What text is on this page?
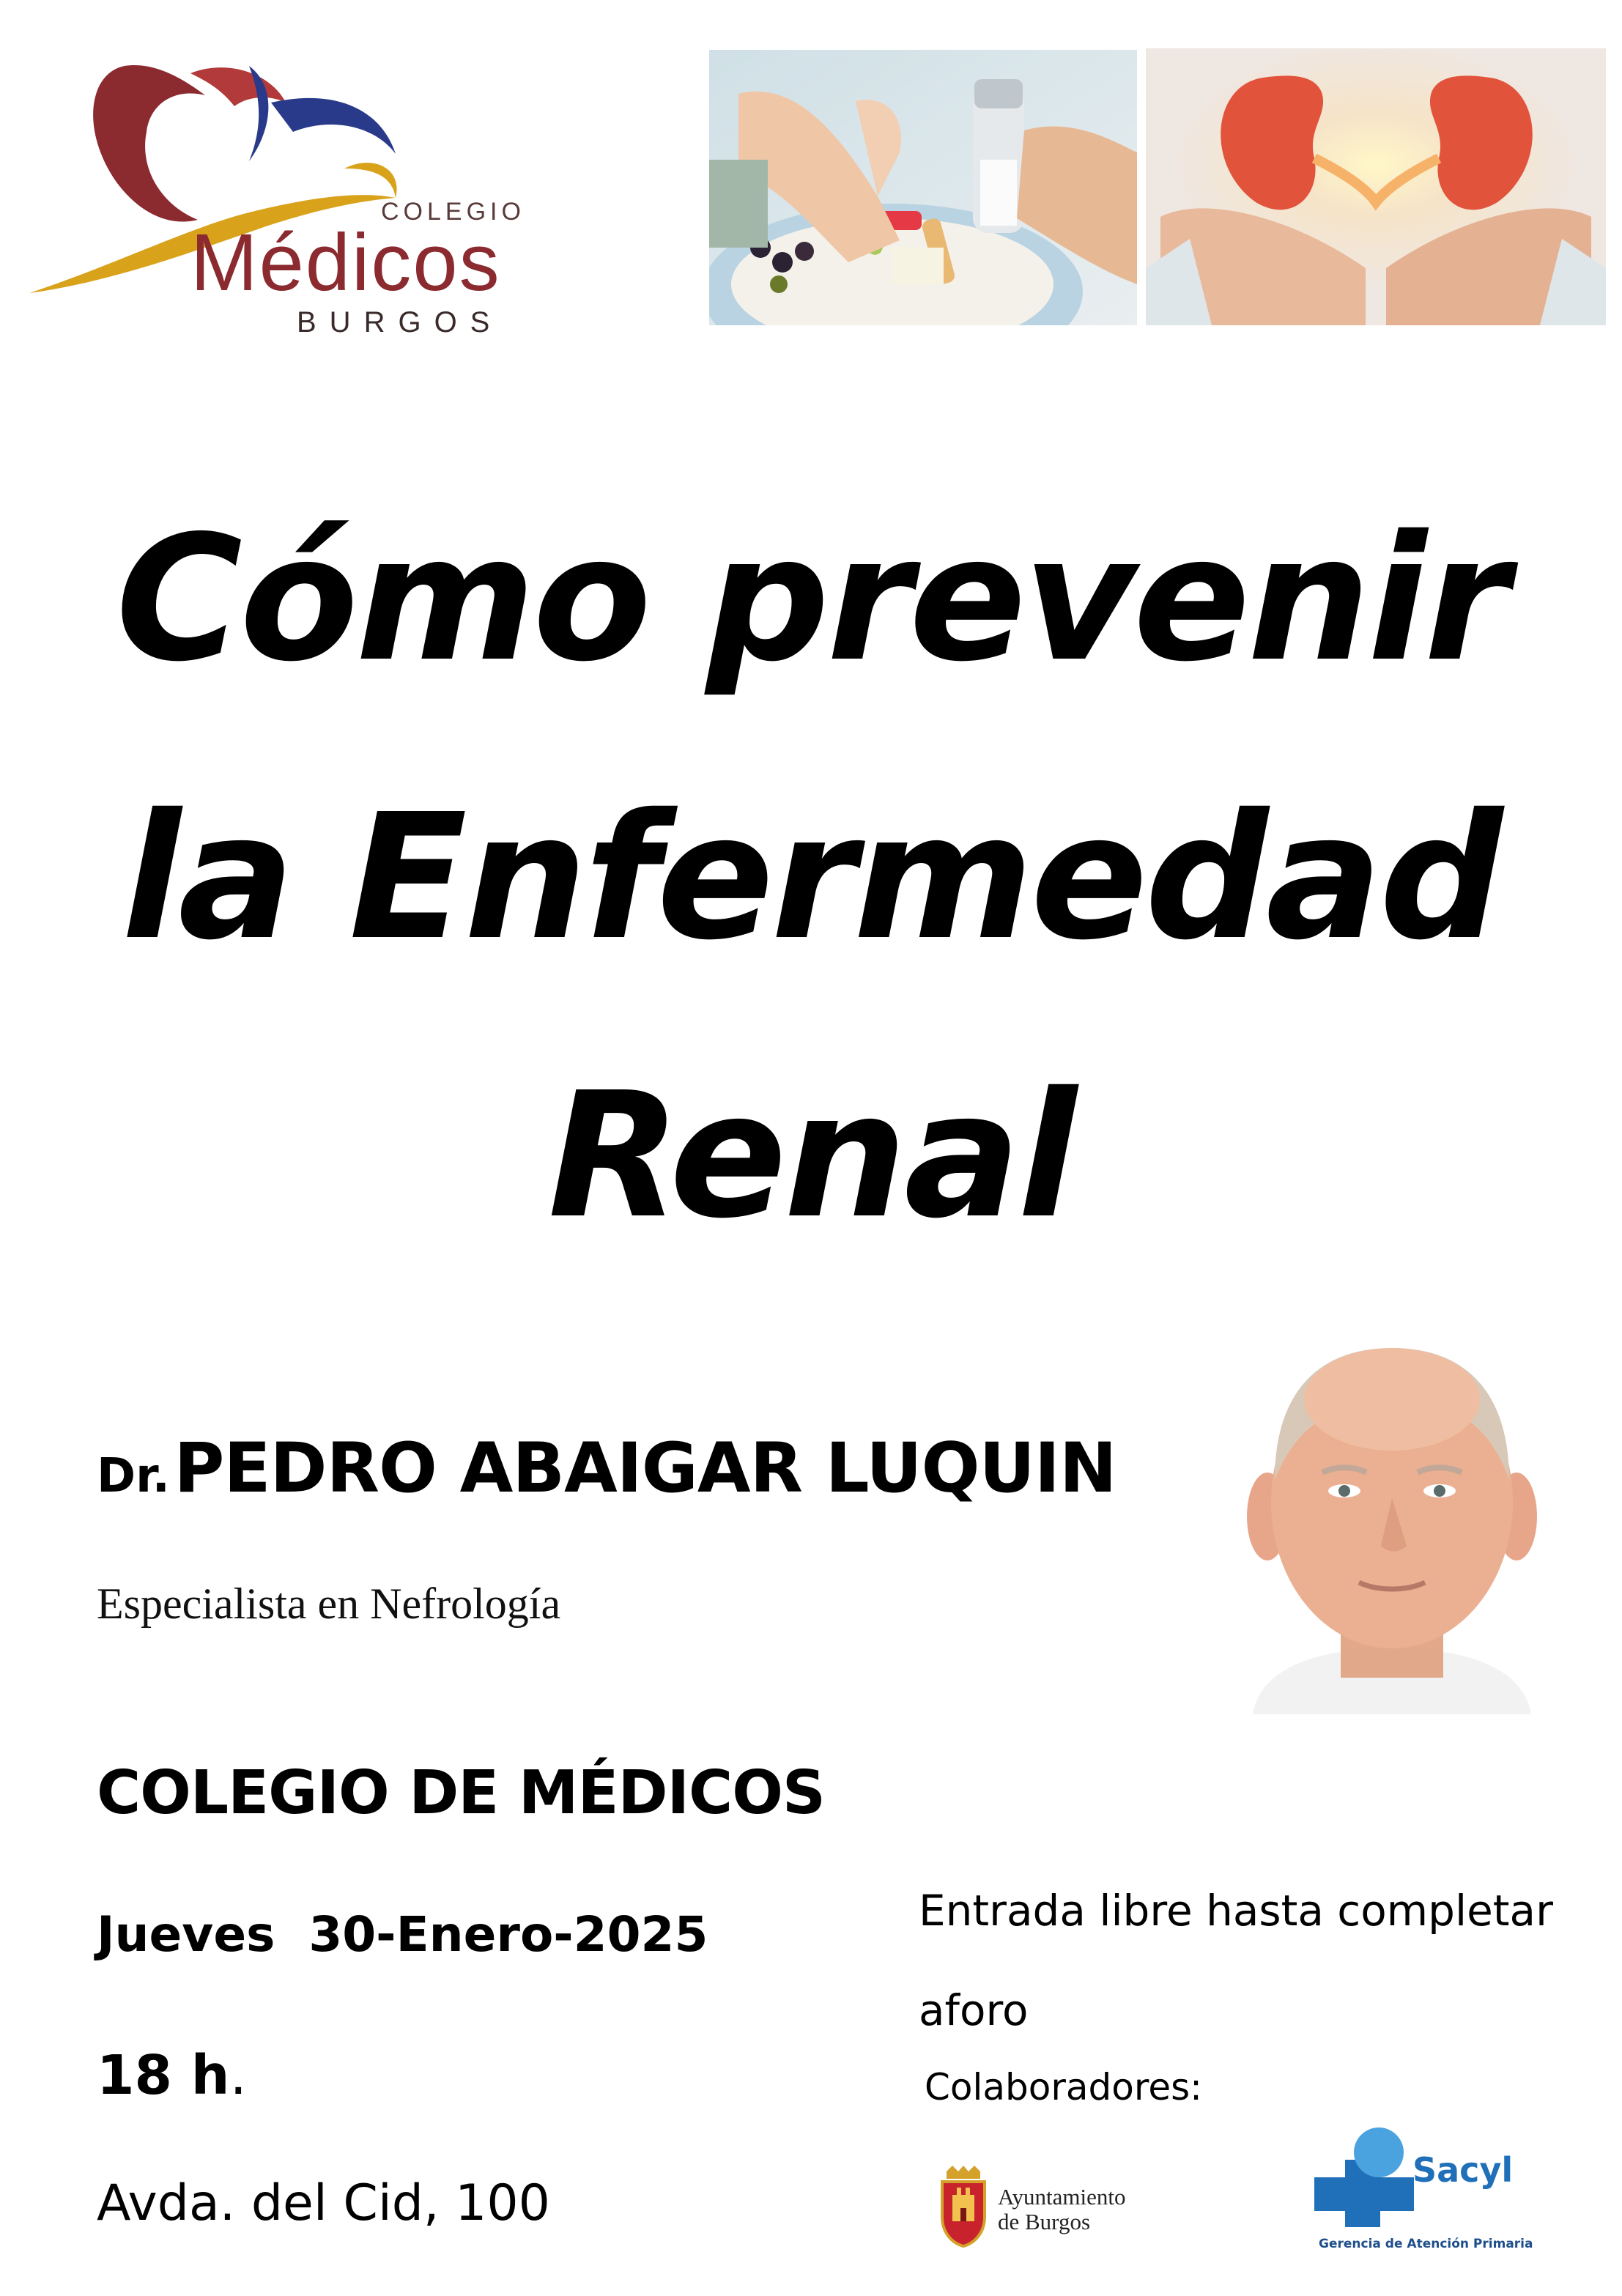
COLEGIO
Médicos
BURGOS
Cómo prevenir
la Enfermedad
Renal
Dr. PEDRO ABAIGAR LUQUIN
Especialista en Nefrología
COLEGIO DE MÉDICOS
Jueves  30-Enero-2025
18 h.
Avda. del Cid, 100
Entrada libre hasta completar aforo
Colaboradores:
Ayuntamiento
de Burgos
Sacyl
Gerencia de Atención Primaria
